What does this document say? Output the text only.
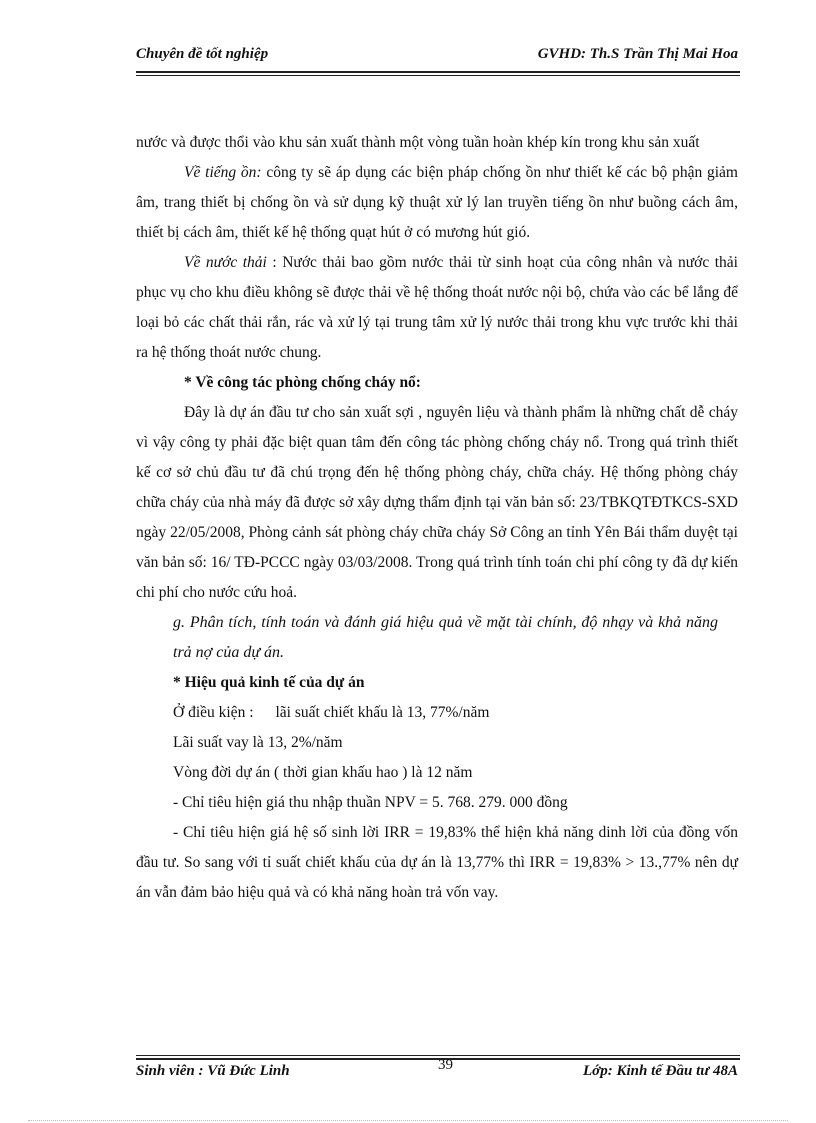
Chuyên đề tốt nghiệp	GVHD: Th.S Trần Thị Mai Hoa

nước và được thổi vào khu sản xuất thành một vòng tuần hoàn khép kín trong khu sản xuất

Về tiếng ồn: công ty sẽ áp dụng các biện pháp chống ồn như thiết kế các bộ phận giảm âm, trang thiết bị chống ồn và sử dụng kỹ thuật xử lý lan truyền tiếng ồn như buồng cách âm, thiết bị cách âm, thiết kế hệ thống quạt hút ở có mương hút gió.

Về nước thải : Nước thải bao gồm nước thải từ sinh hoạt của công nhân và nước thải phục vụ cho khu điều không sẽ được thải về hệ thống thoát nước nội bộ, chứa vào các bể lắng để loại bỏ các chất thải rắn, rác và xử lý tại trung tâm xử lý nước thải trong khu vực trước khi thải ra hệ thống thoát nước chung.

* Về công tác phòng chống cháy nổ:

Đây là dự án đầu tư cho sản xuất sợi , nguyên liệu và thành phẩm là những chất dễ cháy vì vậy công ty phải đặc biệt quan tâm đến công tác phòng chống cháy nổ. Trong quá trình thiết kế cơ sở chủ đầu tư đã chú trọng đến hệ thống phòng cháy, chữa cháy. Hệ thống phòng cháy chữa cháy của nhà máy đã được sở xây dựng thẩm định tại văn bản số: 23/TBKQTĐTKCS-SXD ngày 22/05/2008, Phòng cảnh sát phòng cháy chữa cháy Sở Công an tỉnh Yên Bái thẩm duyệt tại văn bản số: 16/ TĐ-PCCC ngày 03/03/2008. Trong quá trình tính toán chi phí công ty đã dự kiến chi phí cho nước cứu hoả.

g. Phân tích, tính toán và đánh giá hiệu quả về mặt tài chính, độ nhạy và khả năng trả nợ của dự án.

* Hiệu quả kinh tế của dự án

Ở điều kiện : lãi suất chiết khấu là 13, 77%/năm

Lãi suất vay là 13, 2%/năm

Vòng đời dự án ( thời gian khấu hao ) là 12 năm

- Chỉ tiêu hiện giá thu nhập thuần NPV = 5. 768. 279. 000 đồng

- Chỉ tiêu hiện giá hệ số sinh lời IRR = 19,83% thể hiện khả năng dinh lời của đồng vốn đầu tư. So sang với tỉ suất chiết khấu của dự án là 13,77% thì IRR = 19,83% > 13.,77% nên dự án vẫn đảm bảo hiệu quả và có khả năng hoàn trả vốn vay.

Sinh viên : Vũ Đức Linh	39	Lớp: Kinh tế Đầu tư 48A
